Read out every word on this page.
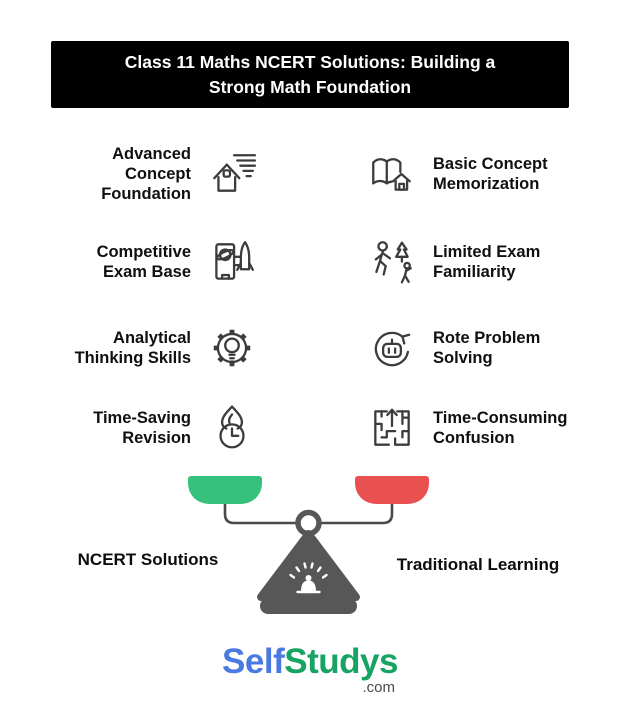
Class 11 Maths NCERT Solutions: Building a
Strong Math Foundation
Advanced Concept Foundation
Basic Concept Memorization
Competitive Exam Base
Limited Exam Familiarity
Analytical Thinking Skills
Rote Problem Solving
Time-Saving Revision
Time-Consuming Confusion
NCERT Solutions	Traditional Learning
SelfStudys
.com
